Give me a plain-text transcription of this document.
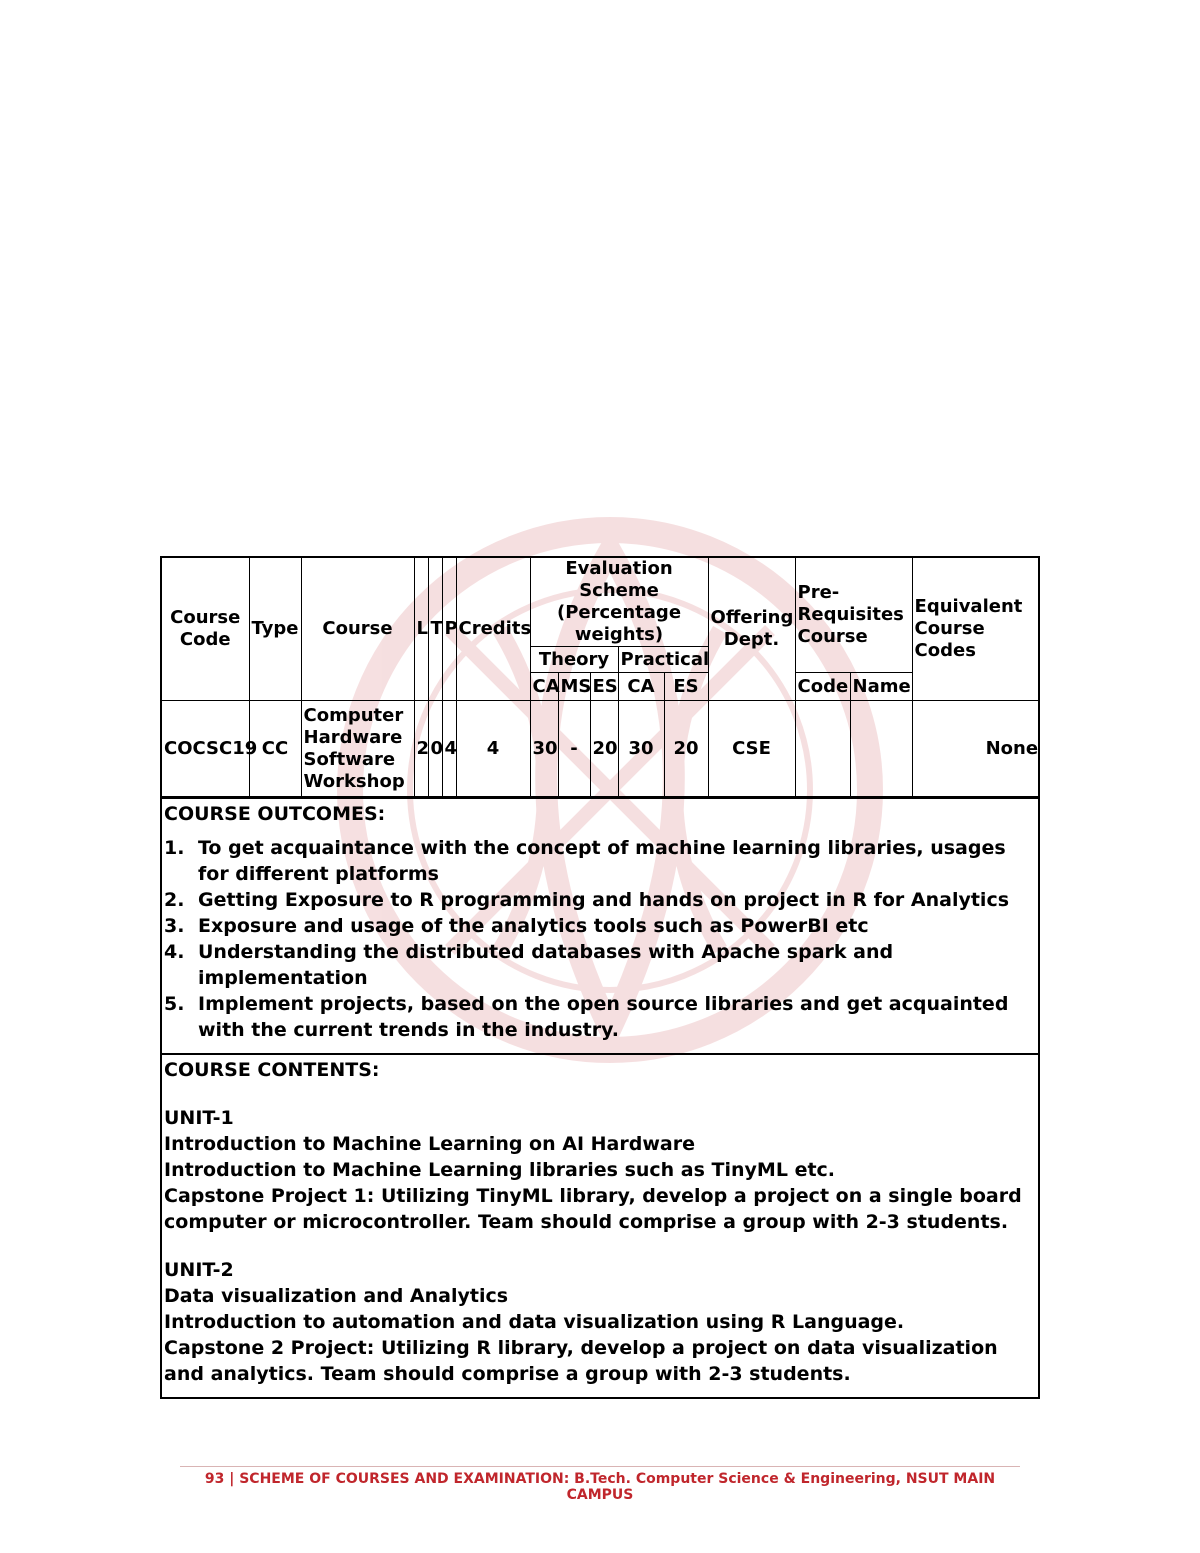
Course Code	Type	Course	L	T	P	Credits	Evaluation Scheme (Percentage weights)					Offering Dept.	Pre- Requisites Course		Equivalent Course Codes

							Theory			Practical					
							CA	MS	ES	CA	ES		Code	Name	
COCSC19	CC	Computer Hardware Software Workshop	2	0	4	4	30	-	20	30	20	CSE			None
COURSE OUTCOMES:
1. To get acquaintance with the concept of machine learning libraries, usages for different platforms
2. Getting Exposure to R programming and hands on project in R for Analytics
3. Exposure and usage of the analytics tools such as PowerBI etc
4. Understanding the distributed databases with Apache spark and implementation
5. Implement projects, based on the open source libraries and get acquainted with the current trends in the industry.
COURSE CONTENTS:

UNIT-1

Introduction to Machine Learning on AI Hardware

Introduction to Machine Learning libraries such as TinyML etc.

Capstone Project 1: Utilizing TinyML library, develop a project on a single board computer or microcontroller. Team should comprise a group with 2-3 students.

UNIT-2

Data visualization and Analytics

Introduction to automation and data visualization using R Language.

Capstone 2 Project: Utilizing R library, develop a project on data visualization and analytics. Team should comprise a group with 2-3 students.

93 | SCHEME OF COURSES AND EXAMINATION: B.Tech. Computer Science & Engineering, NSUT MAIN CAMPUS
